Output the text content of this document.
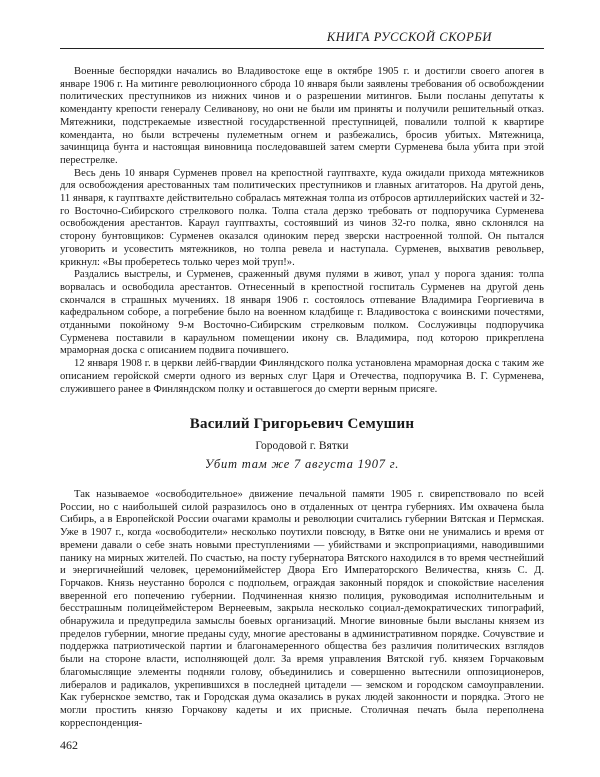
КНИГА РУССКОЙ СКОРБИ

Военные беспорядки начались во Владивостоке еще в октябре 1905 г. и достигли своего апогея в январе 1906 г. На митинге революционного сброда 10 января были заявлены требования об освобождении политических преступников из нижних чинов и о разрешении митингов. Были посланы депутаты к коменданту крепости генералу Селиванову, но они не были им приняты и получили решительный отказ. Мятежники, подстрекаемые известной государственной преступницей, повалили толпой к квартире коменданта, но были встречены пулеметным огнем и разбежались, бросив убитых. Мятежница, зачинщица бунта и настоящая виновница последовавшей затем смерти Сурменева была убита при этой перестрелке.

Весь день 10 января Сурменев провел на крепостной гауптвахте, куда ожидали прихода мятежников для освобождения арестованных там политических преступников и главных агитаторов. На другой день, 11 января, к гауптвахте действительно собралась мятежная толпа из отбросов артиллерийских частей и 32-го Восточно-Сибирского стрелкового полка. Толпа стала дерзко требовать от подпоручика Сурменева освобождения арестантов. Караул гауптвахты, состоявший из чинов 32-го полка, явно склонялся на сторону бунтовщиков: Сурменев оказался одиноким перед зверски настроенной толпой. Он пытался уговорить и усовестить мятежников, но толпа ревела и наступала. Сурменев, выхватив револьвер, крикнул: «Вы проберетесь только через мой труп!».

Раздались выстрелы, и Сурменев, сраженный двумя пулями в живот, упал у порога здания: толпа ворвалась и освободила арестантов. Отнесенный в крепостной госпиталь Сурменев на другой день скончался в страшных мучениях. 18 января 1906 г. состоялось отпевание Владимира Георгиевича в кафедральном соборе, а погребение было на военном кладбище г. Владивостока с воинскими почестями, отданными покойному 9-м Восточно-Сибирским стрелковым полком. Сослуживцы подпоручика Сурменева поставили в караульном помещении икону св. Владимира, под которою прикреплена мраморная доска с описанием подвига почившего.

12 января 1908 г. в церкви лейб-гвардии Финляндского полка установлена мраморная доска с таким же описанием геройской смерти одного из верных слуг Царя и Отечества, подпоручика В. Г. Сурменева, служившего ранее в Финляндском полку и оставшегося до смерти верным присяге.

Василий Григорьевич Семушин
Городовой г. Вятки
Убит там же 7 августа 1907 г.

Так называемое «освободительное» движение печальной памяти 1905 г. свирепствовало по всей России, но с наибольшей силой разразилось оно в отдаленных от центра губерниях. Им охвачена была Сибирь, а в Европейской России очагами крамолы и революции считались губернии Вятская и Пермская. Уже в 1907 г., когда «освободители» несколько поутихли повсюду, в Вятке они не унимались и время от времени давали о себе знать новыми преступлениями — убийствами и экспроприациями, наводившими панику на мирных жителей. По счастью, на посту губернатора Вятского находился в то время честнейший и энергичнейший человек, церемониймейстер Двора Его Императорского Величества, князь С. Д. Горчаков. Князь неустанно боролся с подпольем, ограждая законный порядок и спокойствие населения вверенной его попечению губернии. Подчиненная князю полиция, руководимая исполнительным и бесстрашным полицеймейстером Вернеевым, закрыла несколько социал-демократических типографий, обнаружила и предупредила замыслы боевых организаций. Многие виновные были высланы князем из пределов губернии, многие преданы суду, многие арестованы в административном порядке. Сочувствие и поддержка патриотической партии и благонамеренного общества без различия политических взглядов были на стороне власти, исполняющей долг. За время управления Вятской губ. князем Горчаковым благомыслящие элементы подняли голову, объединились и совершенно вытеснили оппозиционеров, либералов и радикалов, укрепившихся в последней цитадели — земском и городском самоуправлении. Как губернское земство, так и Городская дума оказались в руках людей законности и порядка. Этого не могли простить князю Горчакову кадеты и их присные. Столичная печать была переполнена корреспонденция-

462
